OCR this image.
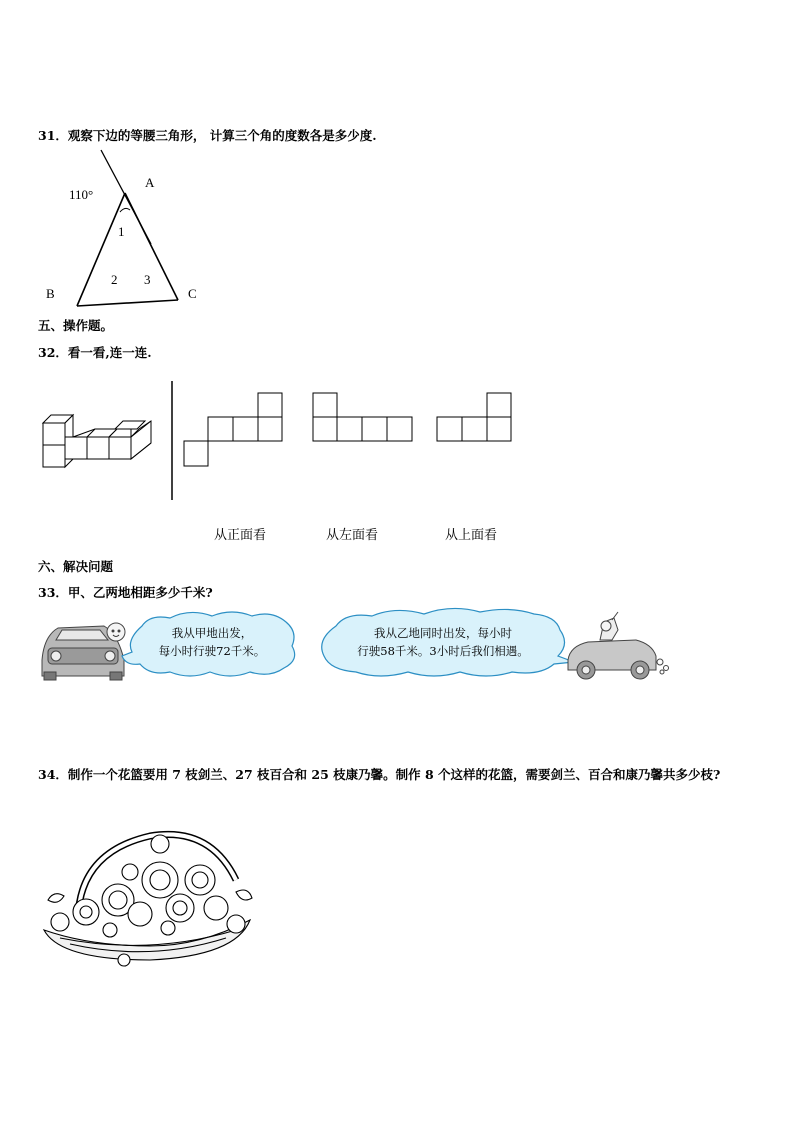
31．观察下边的等腰三角形， 计算三个角的度数各是多少度.
110°
A
B	C
1
2 3
五、操作题。
32．看一看,连一连.
从正面看	从左面看	从上面看
六、解决问题
33．甲、乙两地相距多少千米?
我从甲地出发，
每小时行驶72千米。
我从乙地同时出发，每小时
行驶58千米。3小时后我们相遇。
34．制作一个花篮要用 7 枝剑兰、27 枝百合和 25 枝康乃馨。制作 8 个这样的花篮，需要剑兰、百合和康乃馨共多少枝?
